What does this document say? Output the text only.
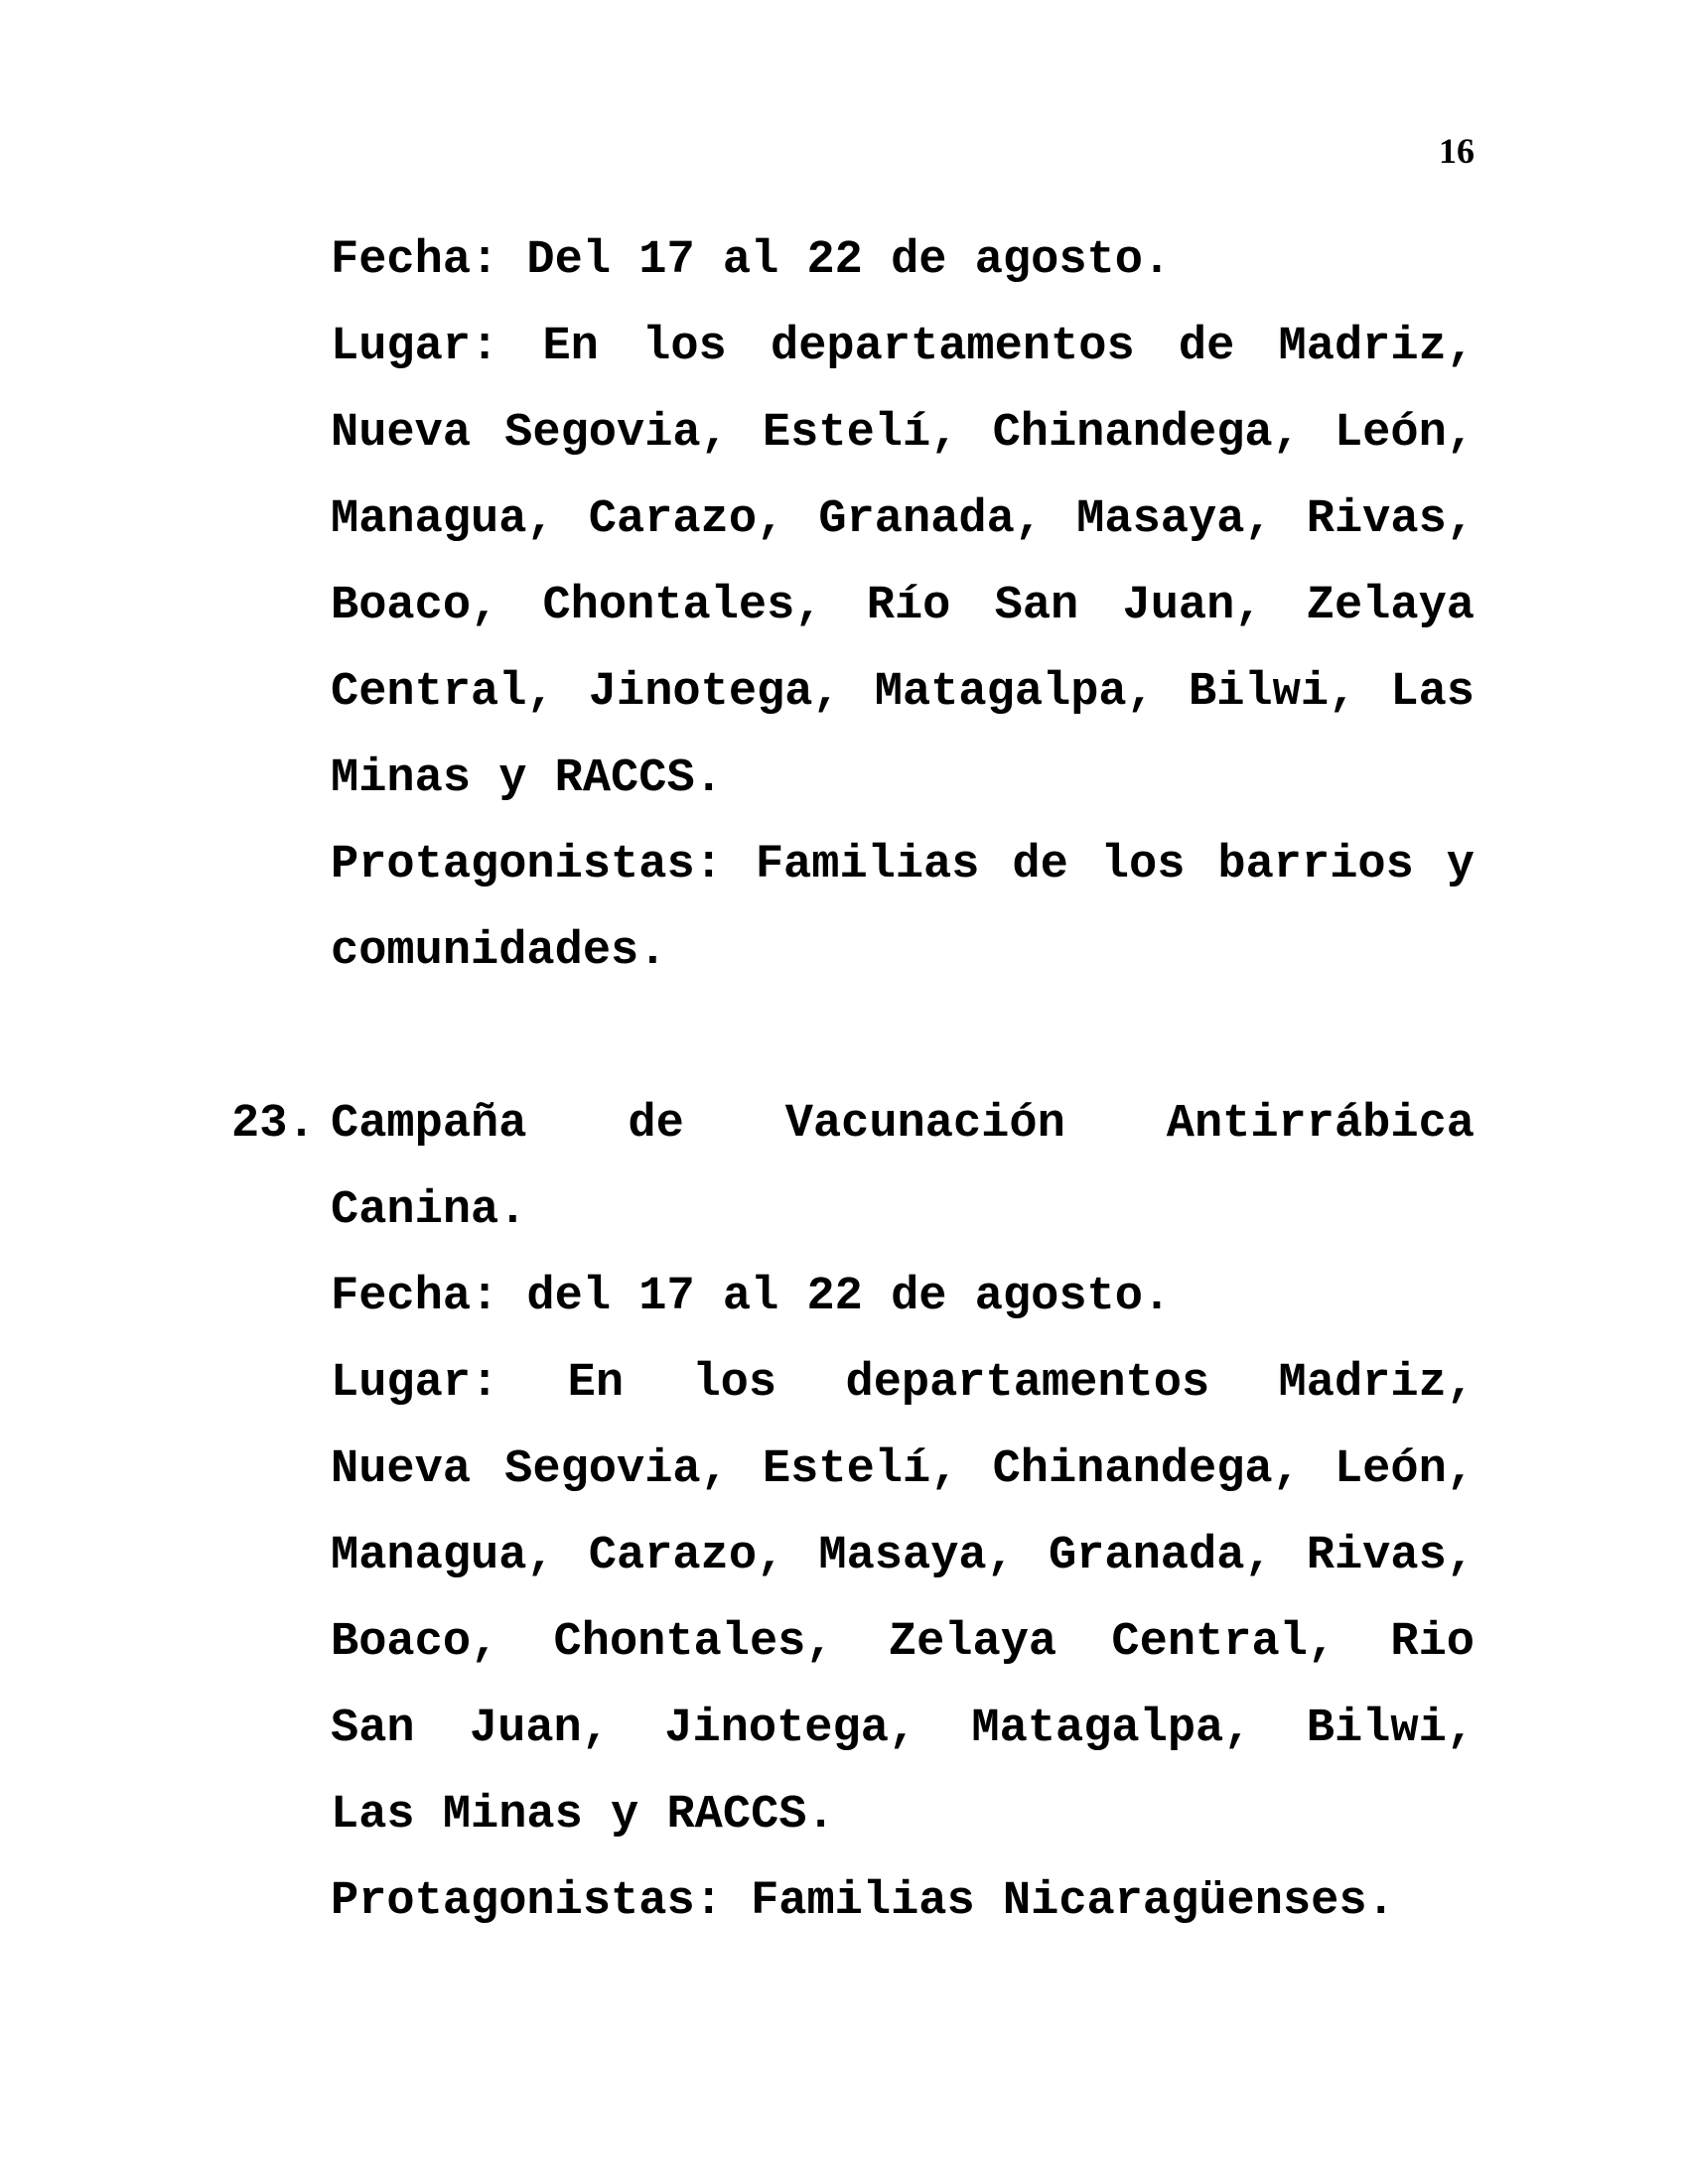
16

Fecha: Del 17 al 22 de agosto.

Lugar: En los departamentos de Madriz, Nueva Segovia, Estelí, Chinandega, León, Managua, Carazo, Granada, Masaya, Rivas, Boaco, Chontales, Río San Juan, Zelaya Central, Jinotega, Matagalpa, Bilwi, Las Minas y RACCS.

Protagonistas: Familias de los barrios y comunidades.

23. Campaña de Vacunación Antirrábica Canina.

Fecha: del 17 al 22 de agosto.

Lugar: En los departamentos Madriz, Nueva Segovia, Estelí, Chinandega, León, Managua, Carazo, Masaya, Granada, Rivas, Boaco, Chontales, Zelaya Central, Rio San Juan, Jinotega, Matagalpa, Bilwi, Las Minas y RACCS.

Protagonistas: Familias Nicaragüenses.
